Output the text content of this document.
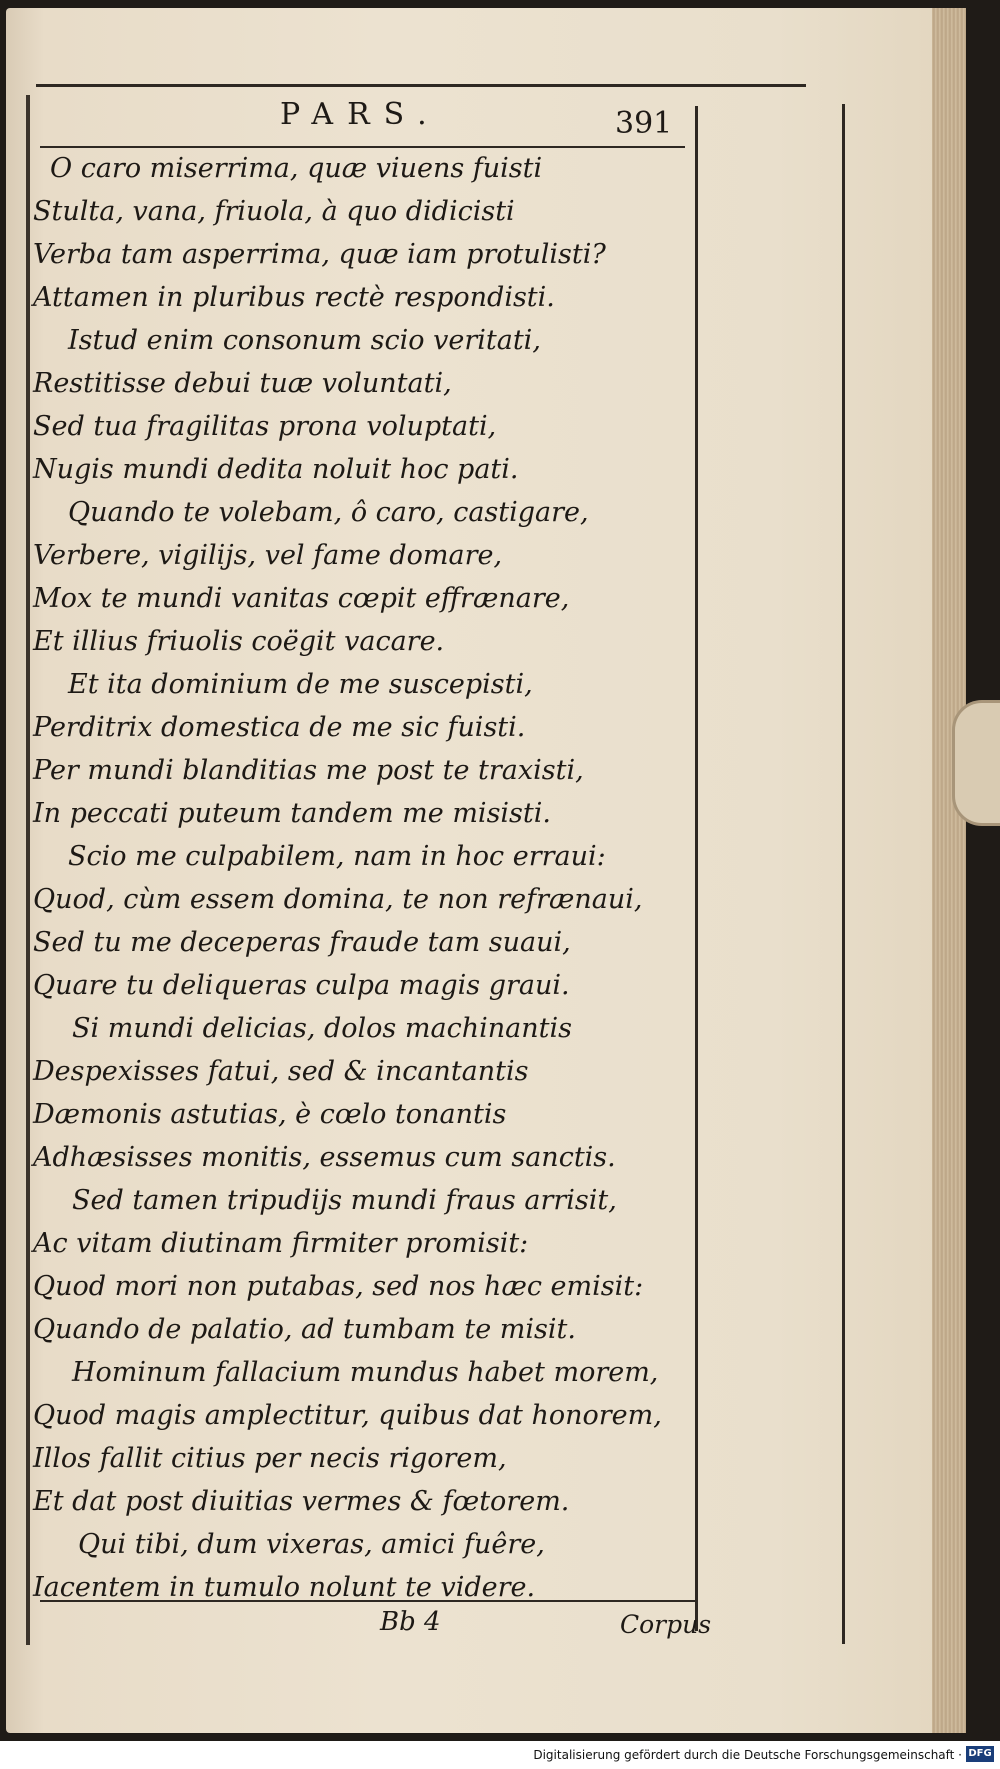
PARS.	391
O caro miserrima, quæ viuens fuisti
Stulta, vana, friuola, à quo didicisti
Verba tam asperrima, quæ iam protulisti?
Attamen in pluribus rectè respondisti.
Istud enim consonum scio veritati,
Restitisse debui tuæ voluntati,
Sed tua fragilitas prona voluptati,
Nugis mundi dedita noluit hoc pati.
Quando te volebam, ô caro, castigare,
Verbere, vigilijs, vel fame domare,
Mox te mundi vanitas cœpit effrænare,
Et illius friuolis coëgit vacare.
Et ita dominium de me suscepisti,
Perditrix domestica de me sic fuisti.
Per mundi blanditias me post te traxisti,
In peccati puteum tandem me misisti.
Scio me culpabilem, nam in hoc erraui:
Quod, cùm essem domina, te non refrænaui,
Sed tu me deceperas fraude tam suaui,
Quare tu deliqueras culpa magis graui.
Si mundi delicias, dolos machinantis
Despexisses fatui, sed & incantantis
Dæmonis astutias, è cœlo tonantis
Adhæsisses monitis, essemus cum sanctis.
Sed tamen tripudijs mundi fraus arrisit,
Ac vitam diutinam firmiter promisit:
Quod mori non putabas, sed nos hæc emisit:
Quando de palatio, ad tumbam te misit.
Hominum fallacium mundus habet morem,
Quod magis amplectitur, quibus dat honorem,
Illos fallit citius per necis rigorem,
Et dat post diuitias vermes & fœtorem.
Qui tibi, dum vixeras, amici fuêre,
Iacentem in tumulo nolunt te videre.
Bb 4	Corpus
Digitalisierung gefördert durch die Deutsche Forschungsgemeinschaft · DFG
